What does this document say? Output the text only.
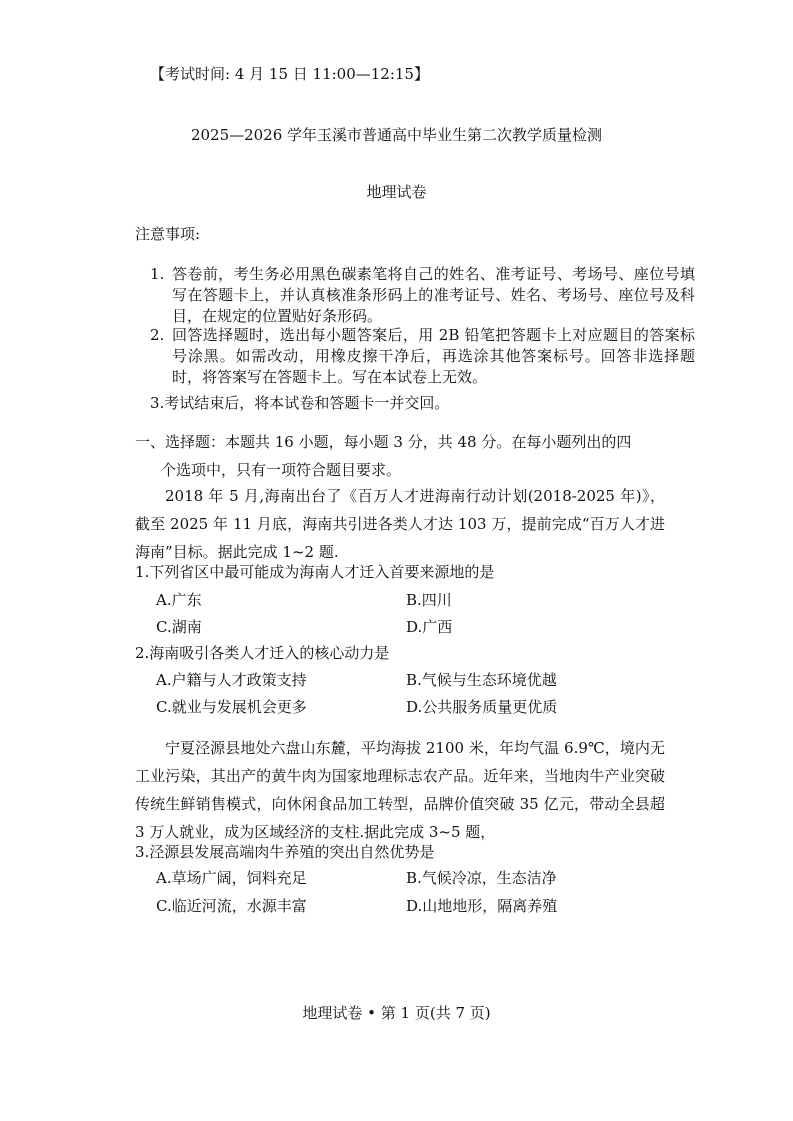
【考试时间: 4 月 15 日 11:00—12:15】
2025—2026 学年玉溪市普通高中毕业生第二次教学质量检测
地理试卷
注意事项:
1. 答卷前，考生务必用黑色碳素笔将自己的姓名、准考证号、考场号、座位号填写在答题卡上，并认真核准条形码上的准考证号、姓名、考场号、座位号及科目，在规定的位置贴好条形码。
2. 回答选择题时，选出每小题答案后，用 2B 铅笔把答题卡上对应题目的答案标号涂黑。如需改动，用橡皮擦干净后，再选涂其他答案标号。回答非选择题时，将答案写在答题卡上。写在本试卷上无效。
3.考试结束后，将本试卷和答题卡一并交回。
一、选择题：本题共 16 小题，每小题 3 分，共 48 分。在每小题列出的四
个选项中，只有一项符合题目要求。
2018 年 5 月,海南出台了《百万人才进海南行动计划(2018-2025 年)》，截至 2025 年 11 月底，海南共引进各类人才达 103 万，提前完成“百万人才进海南”目标。据此完成 1~2 题.
1.下列省区中最可能成为海南人才迁入首要来源地的是
A.广东	B.四川
C.湖南	D.广西
2.海南吸引各类人才迁入的核心动力是
A.户籍与人才政策支持	B.气候与生态环境优越
C.就业与发展机会更多	D.公共服务质量更优质
宁夏泾源县地处六盘山东麓，平均海拔 2100 米，年均气温 6.9℃，境内无工业污染，其出产的黄牛肉为国家地理标志农产品。近年来，当地肉牛产业突破传统生鲜销售模式，向休闲食品加工转型，品牌价值突破 35 亿元，带动全县超 3 万人就业，成为区域经济的支柱.据此完成 3~5 题，
3.泾源县发展高端肉牛养殖的突出自然优势是
A.草场广阔，饲料充足	B.气候冷凉，生态洁净
C.临近河流，水源丰富	D.山地地形，隔离养殖
地理试卷 • 第 1 页(共 7 页)
